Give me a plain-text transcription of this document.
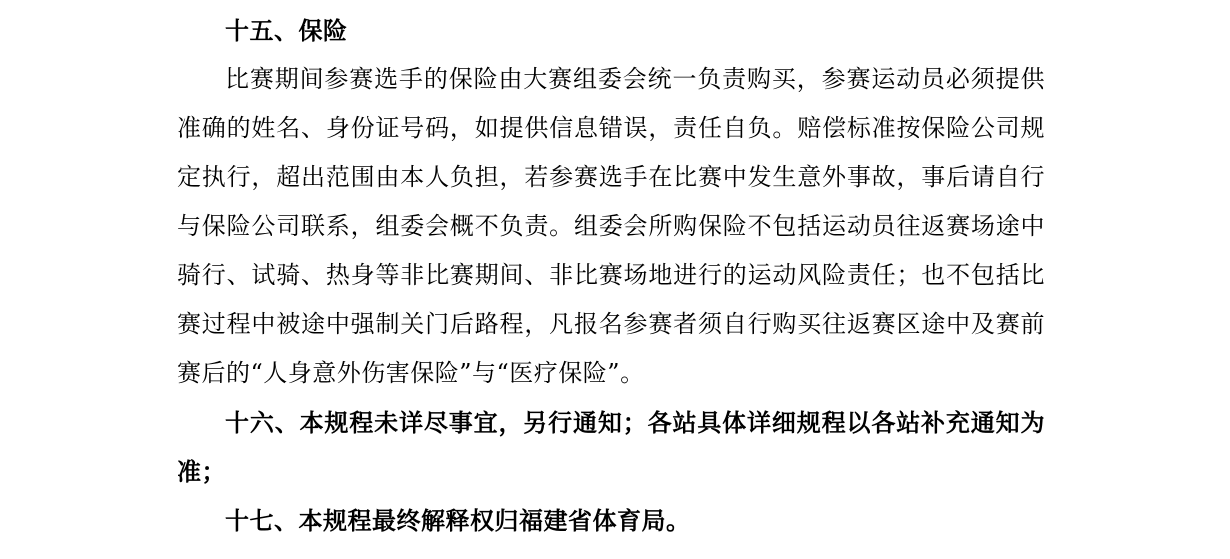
十五、保险

比赛期间参赛选手的保险由大赛组委会统一负责购买，参赛运动员必须提供准确的姓名、身份证号码，如提供信息错误，责任自负。赔偿标准按保险公司规定执行，超出范围由本人负担，若参赛选手在比赛中发生意外事故，事后请自行与保险公司联系，组委会概不负责。组委会所购保险不包括运动员往返赛场途中骑行、试骑、热身等非比赛期间、非比赛场地进行的运动风险责任；也不包括比赛过程中被途中强制关门后路程，凡报名参赛者须自行购买往返赛区途中及赛前赛后的“人身意外伤害保险”与“医疗保险”。

十六、本规程未详尽事宜，另行通知；各站具体详细规程以各站补充通知为准；

十七、本规程最终解释权归福建省体育局。
